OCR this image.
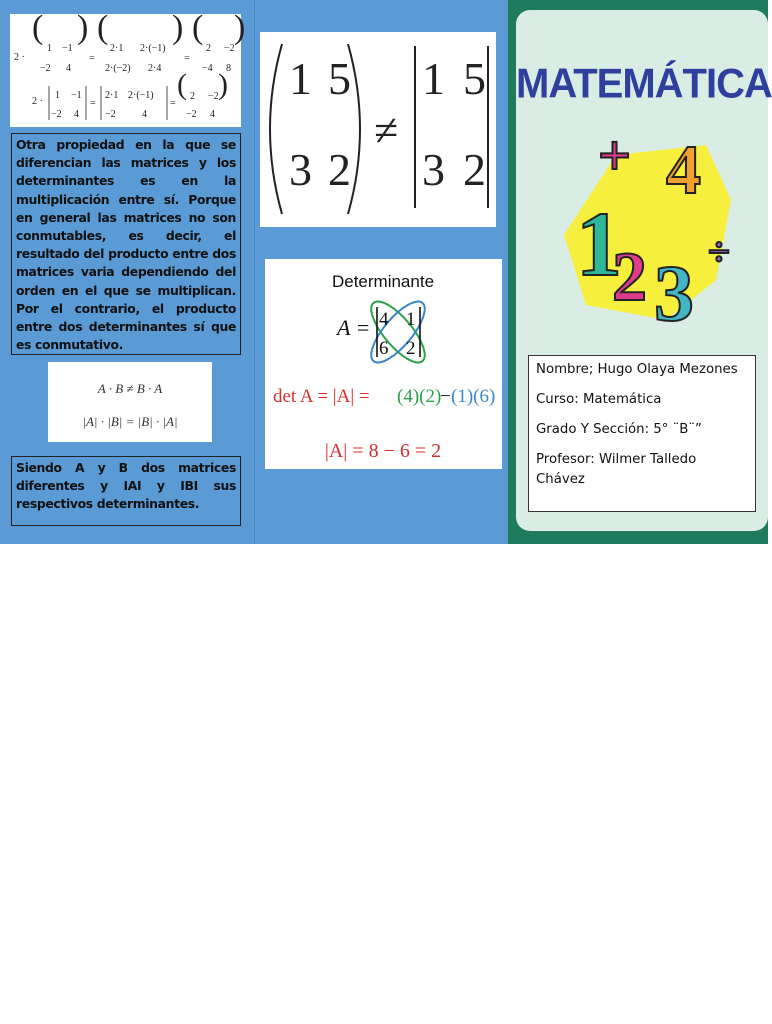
2 ·
(
1 −1
−2 4
)
=
(
2·1 2·(−1)
2·(−2) 2·4
)
=
(
2 −2
−4 8
)
2 ·
1 −1
−2 4
=
2·1 2·(−1)
−2	4
=
( 2 −2
−2 4
)
Otra propiedad en la que se diferencian las matrices y los determinantes es en la multiplicación entre sí. Porque en general las matrices no son conmutables, es decir, el resultado del producto entre dos matrices varia dependiendo del orden en el que se multiplican. Por el contrario, el producto entre dos determinantes sí que es conmutativo.
A · B ≠ B · A
|A| · |B| = |B| · |A|
Siendo A y B dos matrices diferentes y IAI y IBI sus respectivos determinantes.
1 5
3 2
≠
1 5
3 2
Determinante
A = 4 1
6 2
det A = |A| = (4)(2)
− (1)(6)
|A| = 8 − 6 = 2
MATEMÁTICA
+ 4
1
2 3 ÷

Nombre; Hugo Olaya Mezones

Curso: Matemática

Grado Y Sección: 5° ¨B¨”

Profesor: Wilmer Talledo Chávez
